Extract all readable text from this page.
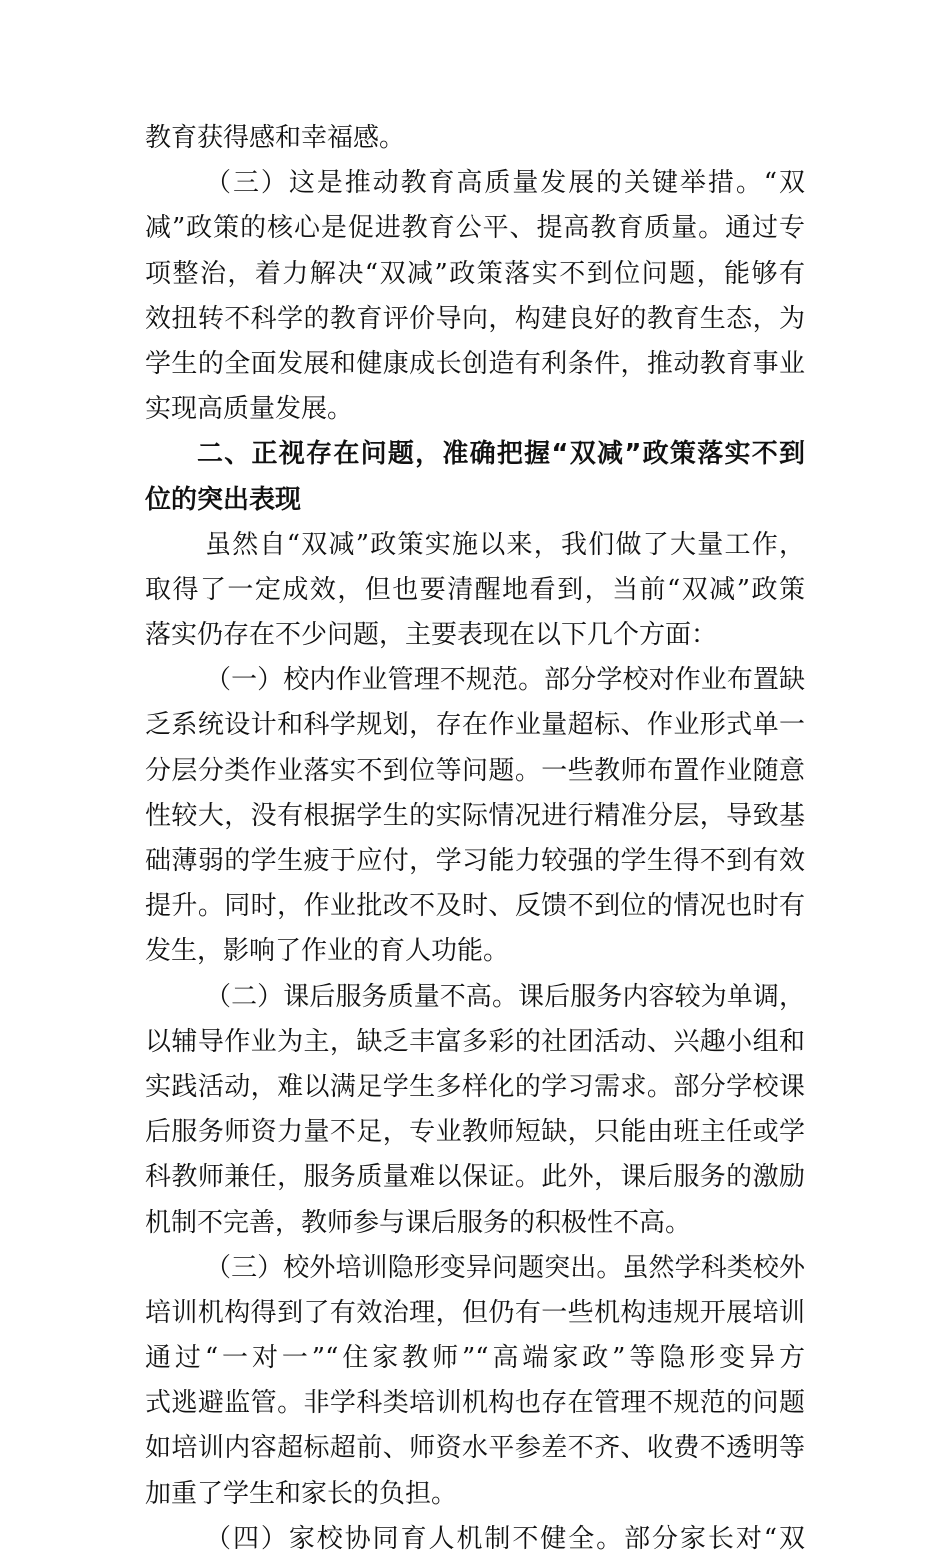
教育获得感和幸福感。
（三）这是推动教育高质量发展的关键举措。“双
减”政策的核心是促进教育公平、提高教育质量。通过专
项整治，着力解决“双减”政策落实不到位问题，能够有
效扭转不科学的教育评价导向，构建良好的教育生态，为
学生的全面发展和健康成长创造有利条件，推动教育事业
实现高质量发展。
二、正视存在问题，准确把握“双减”政策落实不到
位的突出表现
虽然自“双减”政策实施以来，我们做了大量工作，
取得了一定成效，但也要清醒地看到，当前“双减”政策
落实仍存在不少问题，主要表现在以下几个方面：
（一）校内作业管理不规范。部分学校对作业布置缺
乏系统设计和科学规划，存在作业量超标、作业形式单一
分层分类作业落实不到位等问题。一些教师布置作业随意
性较大，没有根据学生的实际情况进行精准分层，导致基
础薄弱的学生疲于应付，学习能力较强的学生得不到有效
提升。同时，作业批改不及时、反馈不到位的情况也时有
发生，影响了作业的育人功能。
（二）课后服务质量不高。课后服务内容较为单调，
以辅导作业为主，缺乏丰富多彩的社团活动、兴趣小组和
实践活动，难以满足学生多样化的学习需求。部分学校课
后服务师资力量不足，专业教师短缺，只能由班主任或学
科教师兼任，服务质量难以保证。此外，课后服务的激励
机制不完善，教师参与课后服务的积极性不高。
（三）校外培训隐形变异问题突出。虽然学科类校外
培训机构得到了有效治理，但仍有一些机构违规开展培训
通过“一对一”“住家教师”“高端家政”等隐形变异方
式逃避监管。非学科类培训机构也存在管理不规范的问题
如培训内容超标超前、师资水平参差不齐、收费不透明等
加重了学生和家长的负担。
（四）家校协同育人机制不健全。部分家长对“双
